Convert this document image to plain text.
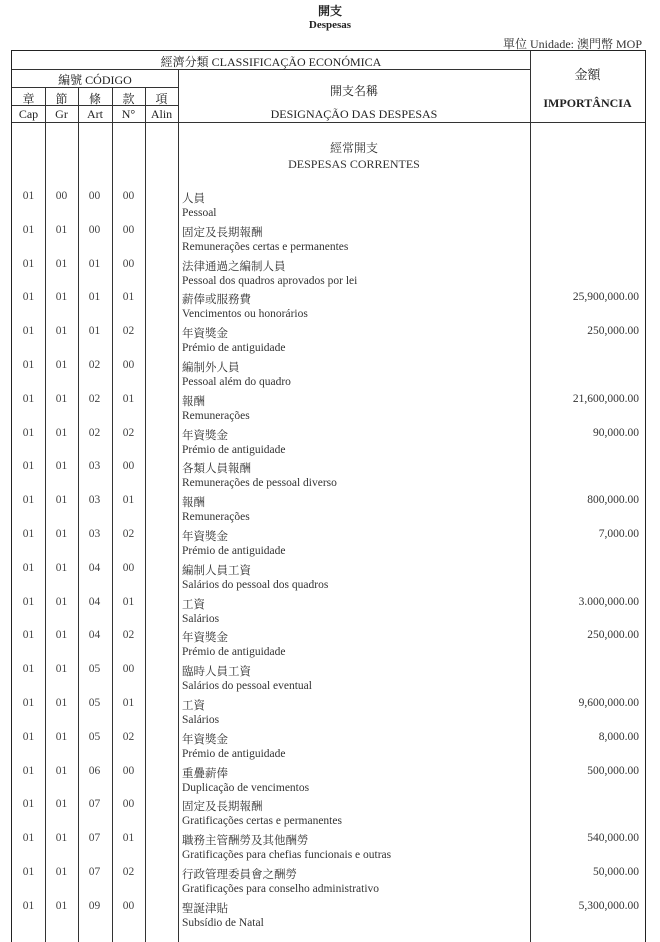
開支
Despesas
單位 Unidade: 澳門幣 MOP
經濟分類 CLASSIFICAÇÃO ECONÓMICA
編號 CÓDIGO
章	節	條	款	項
Cap	Gr	Art	N°	Alin
開支名稱
DESIGNAÇÃO DAS DESPESAS
金額
IMPORTÂNCIA
經常開支
DESPESAS CORRENTES
01	00	00	00	人員
Pessoal
01	01	00	00	固定及長期報酬
Remunerações certas e permanentes
01	01	01	00	法律通過之編制人員
Pessoal dos quadros aprovados por lei
01	01	01	01	薪俸或服務費
Vencimentos ou honorários
25,900,000.00
01	01	01	02	年資獎金
Prémio de antiguidade
250,000.00
01	01	02	00	編制外人員
Pessoal além do quadro
01	01	02	01	報酬
Remunerações
21,600,000.00
01	01	02	02	年資獎金
Prémio de antiguidade
90,000.00
01	01	03	00	各類人員報酬
Remunerações de pessoal diverso
01	01	03	01	報酬
Remunerações
800,000.00
01	01	03	02	年資獎金
Prémio de antiguidade
7,000.00
01	01	04	00	編制人員工資
Salários do pessoal dos quadros
01	01	04	01	工資
Salários
3.000,000.00
01	01	04	02	年資獎金
Prémio de antiguidade
250,000.00
01	01	05	00	臨時人員工資
Salários do pessoal eventual
01	01	05	01	工資
Salários
9,600,000.00
01	01	05	02	年資獎金
Prémio de antiguidade
8,000.00
01	01	06	00	重疊薪俸
Duplicação de vencimentos
500,000.00
01	01	07	00	固定及長期報酬
Gratificações certas e permanentes
01	01	07	01	職務主管酬勞及其他酬勞
Gratificações para chefias funcionais e outras
540,000.00
01	01	07	02	行政管理委員會之酬勞
Gratificações para conselho administrativo
50,000.00
01	01	09	00	聖誕津貼
Subsídio de Natal
5,300,000.00
